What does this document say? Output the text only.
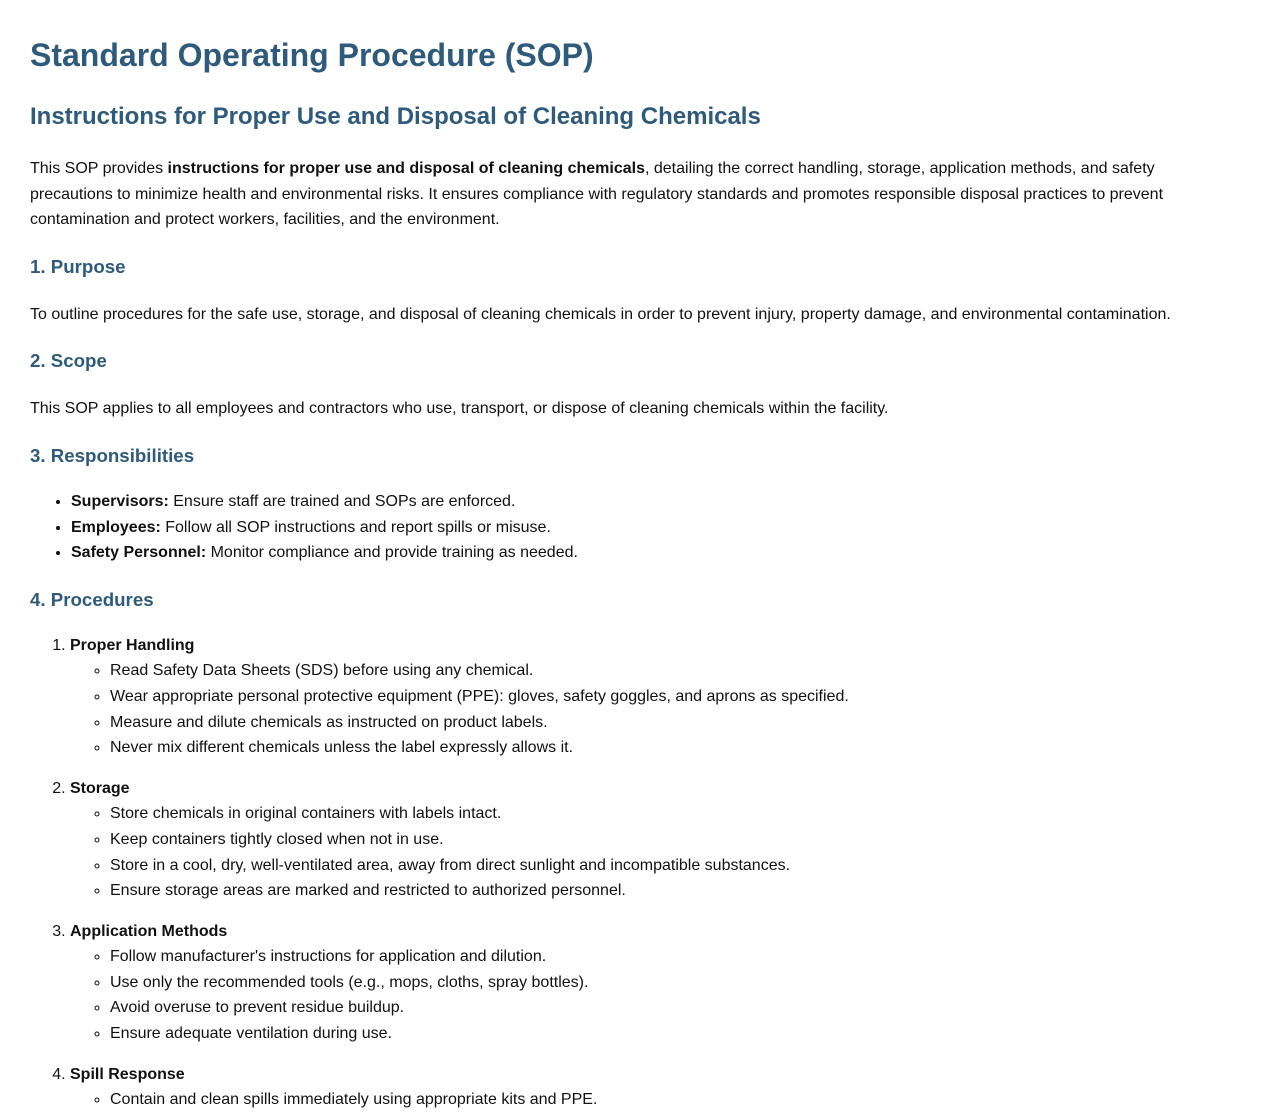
Standard Operating Procedure (SOP)
Instructions for Proper Use and Disposal of Cleaning Chemicals

This SOP provides instructions for proper use and disposal of cleaning chemicals, detailing the correct handling, storage, application methods, and safety precautions to minimize health and environmental risks. It ensures compliance with regulatory standards and promotes responsible disposal practices to prevent contamination and protect workers, facilities, and the environment.

1. Purpose

To outline procedures for the safe use, storage, and disposal of cleaning chemicals in order to prevent injury, property damage, and environmental contamination.

2. Scope

This SOP applies to all employees and contractors who use, transport, or dispose of cleaning chemicals within the facility.

3. Responsibilities
• Supervisors: Ensure staff are trained and SOPs are enforced.
• Employees: Follow all SOP instructions and report spills or misuse.
• Safety Personnel: Monitor compliance and provide training as needed.
4. Procedures
1. Proper Handling
◦ Read Safety Data Sheets (SDS) before using any chemical.
◦ Wear appropriate personal protective equipment (PPE): gloves, safety goggles, and aprons as specified.
◦ Measure and dilute chemicals as instructed on product labels.
◦ Never mix different chemicals unless the label expressly allows it.
2. Storage
◦ Store chemicals in original containers with labels intact.
◦ Keep containers tightly closed when not in use.
◦ Store in a cool, dry, well-ventilated area, away from direct sunlight and incompatible substances.
◦ Ensure storage areas are marked and restricted to authorized personnel.
3. Application Methods
◦ Follow manufacturer's instructions for application and dilution.
◦ Use only the recommended tools (e.g., mops, cloths, spray bottles).
◦ Avoid overuse to prevent residue buildup.
◦ Ensure adequate ventilation during use.
4. Spill Response
◦ Contain and clean spills immediately using appropriate kits and PPE.
